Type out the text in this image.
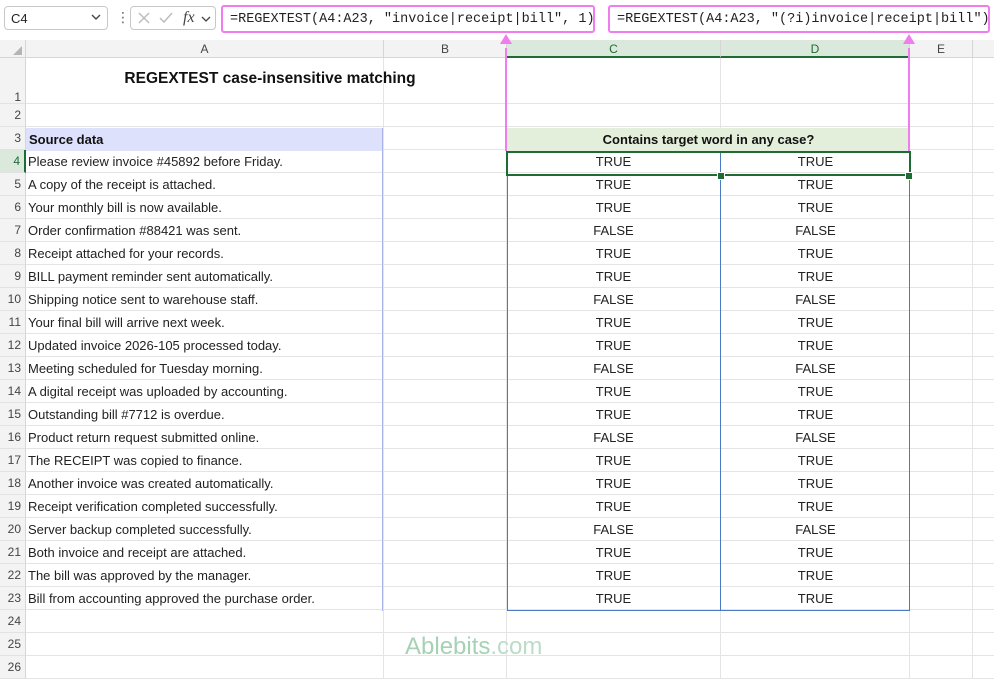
C4	⋮	fx	=REGEXTEST(A4:A23, "invoice|receipt|bill", 1)	=REGEXTEST(A4:A23, "(?i)invoice|receipt|bill")
A	B	C	D	E
1
2
3
4
5
6
7
8
9
10
11
12
13
14
15
16
17
18
19
20
21
22
23
24
25
26
REGEXTEST case-insensitive matching
Source data	Contains target word in any case?
Please review invoice #45892 before Friday.	TRUE	TRUE
A copy of the receipt is attached.	TRUE	TRUE
Your monthly bill is now available.	TRUE	TRUE
Order confirmation #88421 was sent.	FALSE	FALSE
Receipt attached for your records.	TRUE	TRUE
BILL payment reminder sent automatically.	TRUE	TRUE
Shipping notice sent to warehouse staff.	FALSE	FALSE
Your final bill will arrive next week.	TRUE	TRUE
Updated invoice 2026-105 processed today.	TRUE	TRUE
Meeting scheduled for Tuesday morning.	FALSE	FALSE
A digital receipt was uploaded by accounting.	TRUE	TRUE
Outstanding bill #7712 is overdue.	TRUE	TRUE
Product return request submitted online.	FALSE	FALSE
The RECEIPT was copied to finance.	TRUE	TRUE
Another invoice was created automatically.	TRUE	TRUE
Receipt verification completed successfully.	TRUE	TRUE
Server backup completed successfully.	FALSE	FALSE
Both invoice and receipt are attached.	TRUE	TRUE
The bill was approved by the manager.	TRUE	TRUE
Bill from accounting approved the purchase order.	TRUE	TRUE
Ablebits.com
